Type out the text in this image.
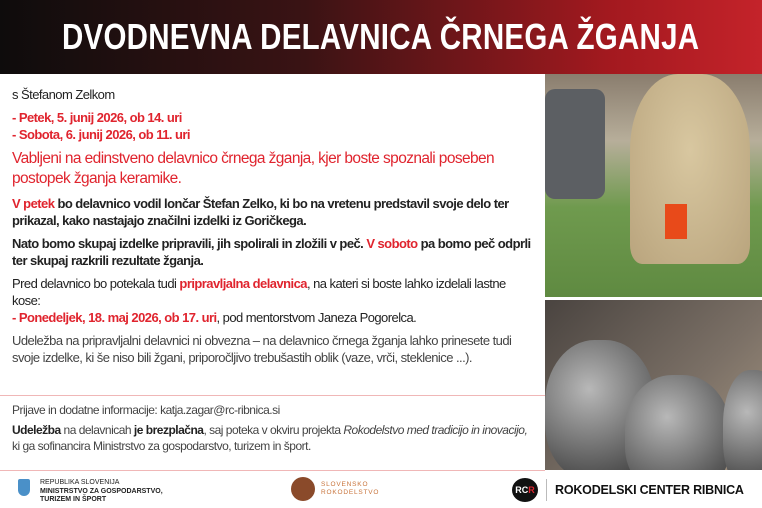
DVODNEVNA DELAVNICA ČRNEGA ŽGANJA

s Štefanom Zelkom

- Petek, 5. junij 2026, ob 14. uri
- Sobota, 6. junij 2026, ob 11. uri

Vabljeni na edinstveno delavnico črnega žganja, kjer boste spoznali poseben postopek žganja keramike.

V petek bo delavnico vodil lončar Štefan Zelko, ki bo na vretenu predstavil svoje delo ter prikazal, kako nastajajo značilni izdelki iz Goričkega.

Nato bomo skupaj izdelke pripravili, jih spolirali in zložili v peč. V soboto pa bomo peč odprli ter skupaj razkrili rezultate žganja.

Pred delavnico bo potekala tudi pripravljalna delavnica, na kateri si boste lahko izdelali lastne kose:
- Ponedeljek, 18. maj 2026, ob 17. uri, pod mentorstvom Janeza Pogorelca.

Udeležba na pripravljalni delavnici ni obvezna – na delavnico črnega žganja lahko prinesete tudi svoje izdelke, ki še niso bili žgani, priporočljivo trebušastih oblik (vaze, vrči, steklenice ...).

Prijave in dodatne informacije: katja.zagar@rc-ribnica.si

Udeležba na delavnicah je brezplačna, saj poteka v okviru projekta Rokodelstvo med tradicijo in inovacijo, ki ga sofinancira Ministrstvo za gospodarstvo, turizem in šport.

REPUBLIKA SLOVENIJA
MINISTRSTVO ZA GOSPODARSTVO,
TURIZEM IN ŠPORT
SLOVENSKO
ROKODELSTVO	RC R ROKODELSKI CENTER RIBNICA
